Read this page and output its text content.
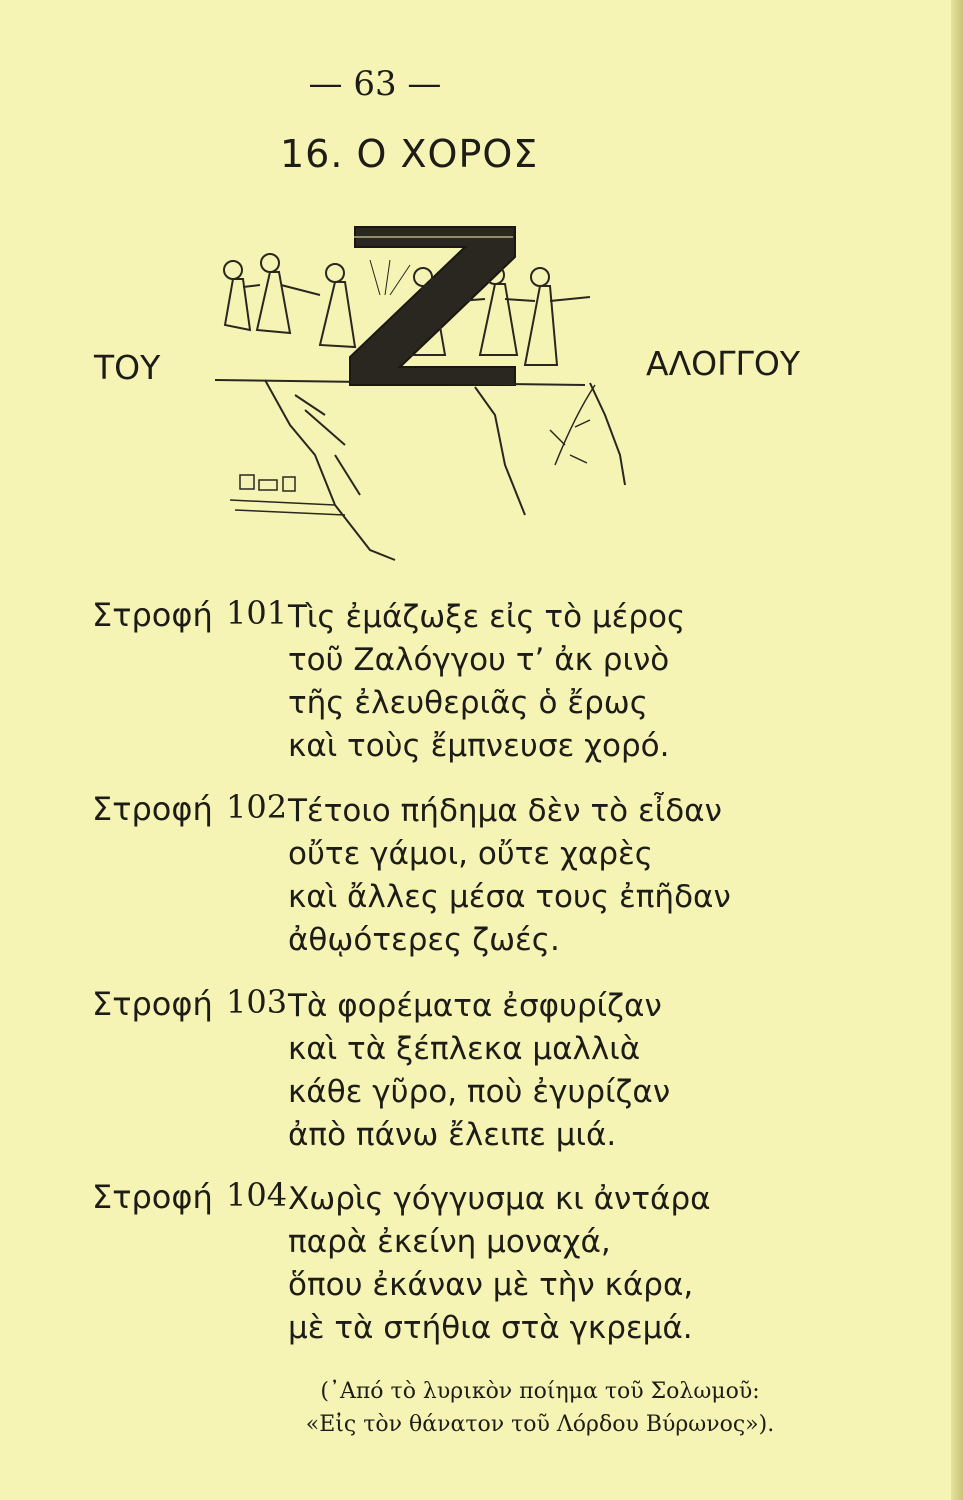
— 63 —
16. Ο ΧΟΡΟΣ
ΤΟΥ	ΑΛΟΓΓΟΥ
Στροφή 101 Τὶς ἐμάζωξε εἰς τὸ μέρος
τοῦ Ζαλόγγου τ’ ἀκ ρινὸ
τῆς ἐλευθεριᾶς ὁ ἔρως
καὶ τοὺς ἔμπνευσε χορό.
Στροφή 102 Τέτοιο πήδημα δὲν τὸ εἶδαν
οὔτε γάμοι, οὔτε χαρὲς
καὶ ἄλλες μέσα τους ἐπῆδαν
ἀθῳότερες ζωές.
Στροφή 103 Τὰ φορέματα ἐσφυρίζαν
καὶ τὰ ξέπλεκα μαλλιὰ
κάθε γῦρο, ποὺ ἐγυρίζαν
ἀπὸ πάνω ἔλειπε μιά.
Στροφή 104 Χωρὶς γόγγυσμα κι ἀντάρα
παρὰ ἐκείνη μοναχά,
ὅπου ἐκάναν μὲ τὴν κάρα,
μὲ τὰ στήθια στὰ γκρεμά.
(᾿Από τὸ λυρικὸν ποίημα τοῦ Σολωμοῦ:
«Εἰς τὸν θάνατον τοῦ Λόρδου Βύρωνος»).
